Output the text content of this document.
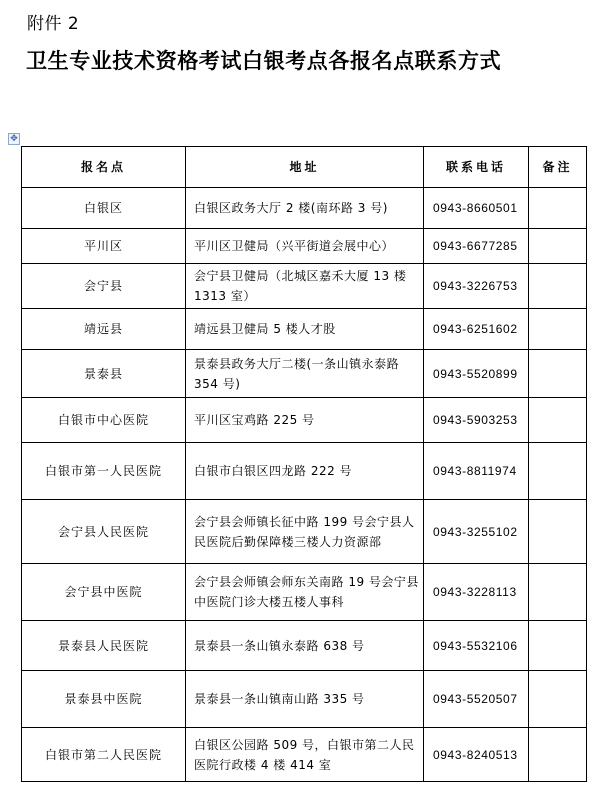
附件 2
卫生专业技术资格考试白银考点各报名点联系方式
✥
报名点	地址	联系电话	备注
白银区	白银区政务大厅 2 楼(南环路 3 号)	0943-8660501	
平川区	平川区卫健局（兴平街道会展中心）	0943-6677285	
会宁县	会宁县卫健局（北城区嘉禾大厦 13 楼 1313 室）	0943-3226753	
靖远县	靖远县卫健局 5 楼人才股	0943-6251602	
景泰县	景泰县政务大厅二楼(一条山镇永泰路 354 号)	0943-5520899	
白银市中心医院	平川区宝鸡路 225 号	0943-5903253	
白银市第一人民医院	白银市白银区四龙路 222 号	0943-8811974	
会宁县人民医院	会宁县会师镇长征中路 199 号会宁县人民医院后勤保障楼三楼人力资源部	0943-3255102	
会宁县中医院	会宁县会师镇会师东关南路 19 号会宁县中医院门诊大楼五楼人事科	0943-3228113	
景泰县人民医院	景泰县一条山镇永泰路 638 号	0943-5532106	
景泰县中医院	景泰县一条山镇南山路 335 号	0943-5520507	
白银市第二人民医院	白银区公园路 509 号，白银市第二人民医院行政楼 4 楼 414 室	0943-8240513	
